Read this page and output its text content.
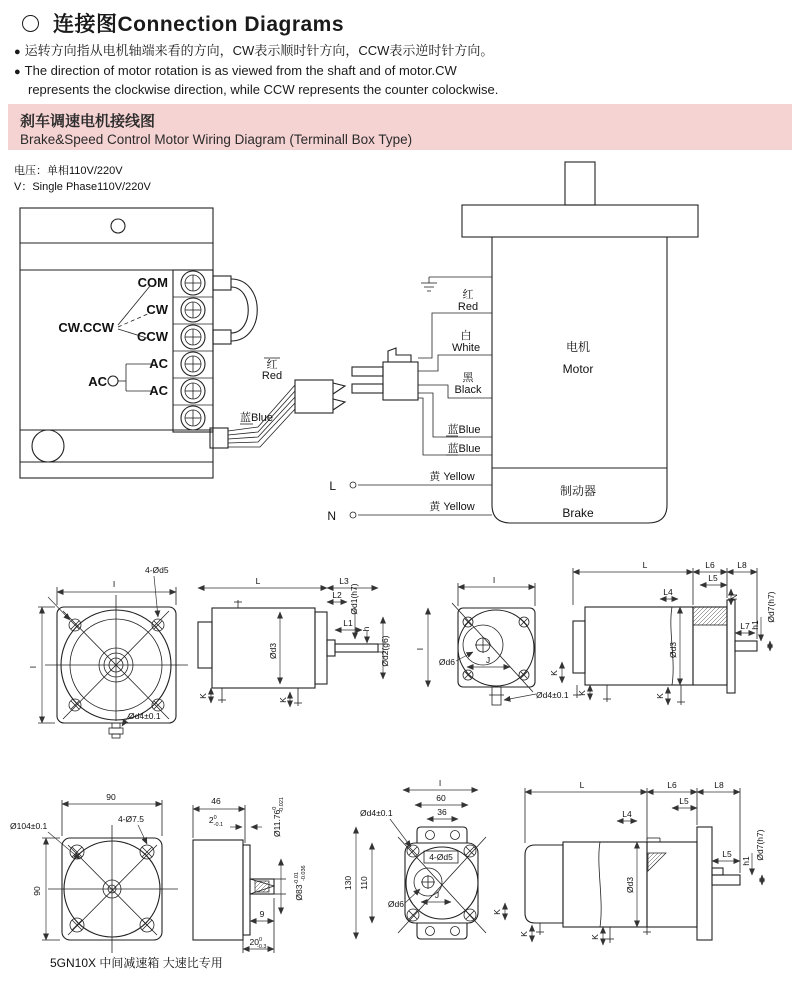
连接图Connection Diagrams
● 运转方向指从电机轴端来看的方向，CW表示顺时针方向，CCW表示逆时针方向。
● The direction of motor rotation is as viewed from the shaft and of motor.CW
represents the clockwise direction, while CCW represents the counter colockwise.
刹车调速电机接线图
Brake&Speed Control Motor Wiring Diagram (Terminall Box Type)
电压：单相110V/220V
V：Single Phase110V/220V
COM
CW
CCW
AC
AC
CW.CCW
AC
红
Red
蓝Blue
电机
Motor
制动器
Brake
红
Red
白
White
黑
Black
蓝Blue
蓝Blue
黄 Yellow
黄 Yellow
L
N
I
I
4-Ød5
Ød4±0.1
L	L3
L2
L1
h
Ød1(h7)
Ød3	Ød2(g6)
K
K
I
I
Ød6	J
Ød4±0.1
L	L6	L8
L5
N
L4
Ød3
L7 h1
Ød7(h7)
K
K
K
90
90
Ø104±0.1
4-Ø7.5
5GN10X 中间减速箱 大速比专用
46
$2^0$ -0.1	Ø11.76$^0$-0.021
$Ø83^{-0.01}-0.036$
9
$20^0$ -0.3
4-Ød5
I
60
36
Ød4±0.1
130 110
Ød6
J
L	L6	L8
L5
L4
L5
h1
Ød7(h7)
Ød3
K
K
K
